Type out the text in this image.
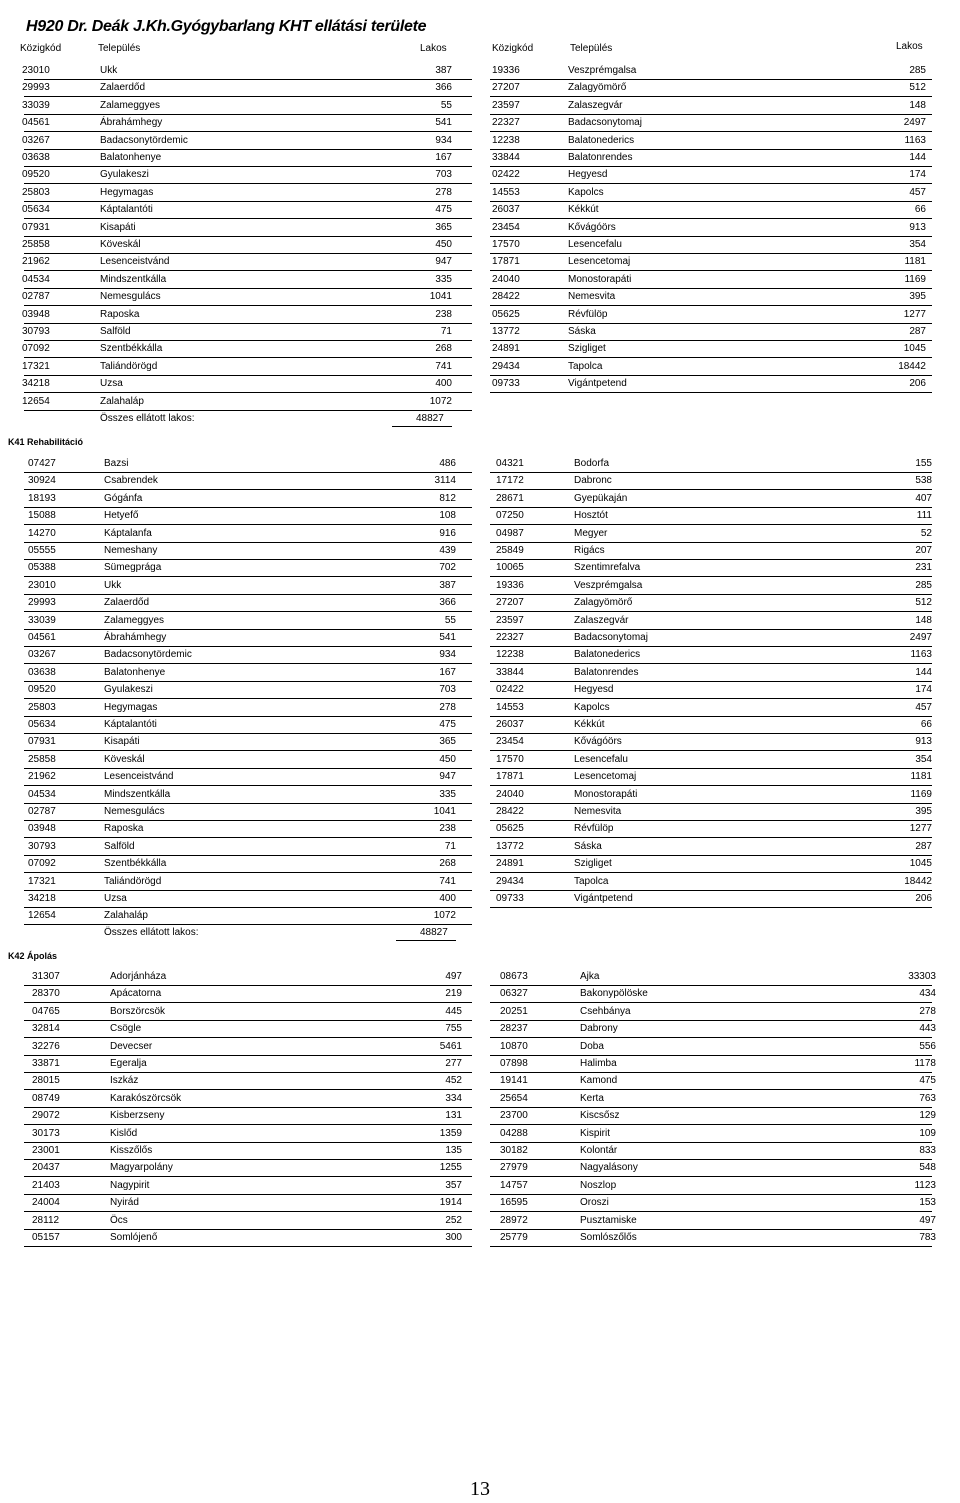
H920 Dr. Deák J.Kh.Gyógybarlang KHT ellátási területe
Közigkód	Település	Lakos	Közigkód	Település	Lakos
23010	Ukk	387	19336	Veszprémgalsa	285
29993	Zalaerdőd	366	27207	Zalagyömörő	512
33039	Zalameggyes	55	23597	Zalaszegvár	148
04561	Ábrahámhegy	541	22327	Badacsonytomaj	2497
03267	Badacsonytördemic	934	12238	Balatonederics	1163
03638	Balatonhenye	167	33844	Balatonrendes	144
09520	Gyulakeszi	703	02422	Hegyesd	174
25803	Hegymagas	278	14553	Kapolcs	457
05634	Káptalantóti	475	26037	Kékkút	66
07931	Kisapáti	365	23454	Kővágóörs	913
25858	Köveskál	450	17570	Lesencefalu	354
21962	Lesenceistvánd	947	17871	Lesencetomaj	1181
04534	Mindszentkálla	335	24040	Monostorapáti	1169
02787	Nemesgulács	1041	28422	Nemesvita	395
03948	Raposka	238	05625	Révfülöp	1277
30793	Salföld	71	13772	Sáska	287
07092	Szentbékkálla	268	24891	Szigliget	1045
17321	Taliándörögd	741	29434	Tapolca	18442
34218	Uzsa	400	09733	Vigántpetend	206
12654	Zalahaláp	1072
Összes ellátott lakos:	48827
07427	Bazsi	486	04321	Bodorfa	155
30924	Csabrendek	3114	17172	Dabronc	538
18193	Gógánfa	812	28671	Gyepükaján	407
15088	Hetyefő	108	07250	Hosztót	111
14270	Káptalanfa	916	04987	Megyer	52
05555	Nemeshany	439	25849	Rigács	207
05388	Sümegprága	702	10065	Szentimrefalva	231
23010	Ukk	387	19336	Veszprémgalsa	285
29993	Zalaerdőd	366	27207	Zalagyömörő	512
33039	Zalameggyes	55	23597	Zalaszegvár	148
04561	Ábrahámhegy	541	22327	Badacsonytomaj	2497
03267	Badacsonytördemic	934	12238	Balatonederics	1163
03638	Balatonhenye	167	33844	Balatonrendes	144
09520	Gyulakeszi	703	02422	Hegyesd	174
25803	Hegymagas	278	14553	Kapolcs	457
05634	Káptalantóti	475	26037	Kékkút	66
07931	Kisapáti	365	23454	Kővágóörs	913
25858	Köveskál	450	17570	Lesencefalu	354
21962	Lesenceistvánd	947	17871	Lesencetomaj	1181
04534	Mindszentkálla	335	24040	Monostorapáti	1169
02787	Nemesgulács	1041	28422	Nemesvita	395
03948	Raposka	238	05625	Révfülöp	1277
30793	Salföld	71	13772	Sáska	287
07092	Szentbékkálla	268	24891	Szigliget	1045
17321	Taliándörögd	741	29434	Tapolca	18442
34218	Uzsa	400	09733	Vigántpetend	206
12654	Zalahaláp	1072
Összes ellátott lakos:	48827
31307	Adorjánháza	497	08673	Ajka	33303
28370	Apácatorna	219	06327	Bakonypölöske	434
04765	Borszörcsök	445	20251	Csehbánya	278
32814	Csögle	755	28237	Dabrony	443
32276	Devecser	5461	10870	Doba	556
33871	Egeralja	277	07898	Halimba	1178
28015	Iszkáz	452	19141	Kamond	475
08749	Karakószörcsök	334	25654	Kerta	763
29072	Kisberzseny	131	23700	Kiscsősz	129
30173	Kislőd	1359	04288	Kispirit	109
23001	Kisszőlős	135	30182	Kolontár	833
20437	Magyarpolány	1255	27979	Nagyalásony	548
21403	Nagypirit	357	14757	Noszlop	1123
24004	Nyirád	1914	16595	Oroszi	153
28112	Öcs	252	28972	Pusztamiske	497
05157	Somlójenő	300	25779	Somlószőlős	783
K41 Rehabilitáció
K42 Ápolás
13
